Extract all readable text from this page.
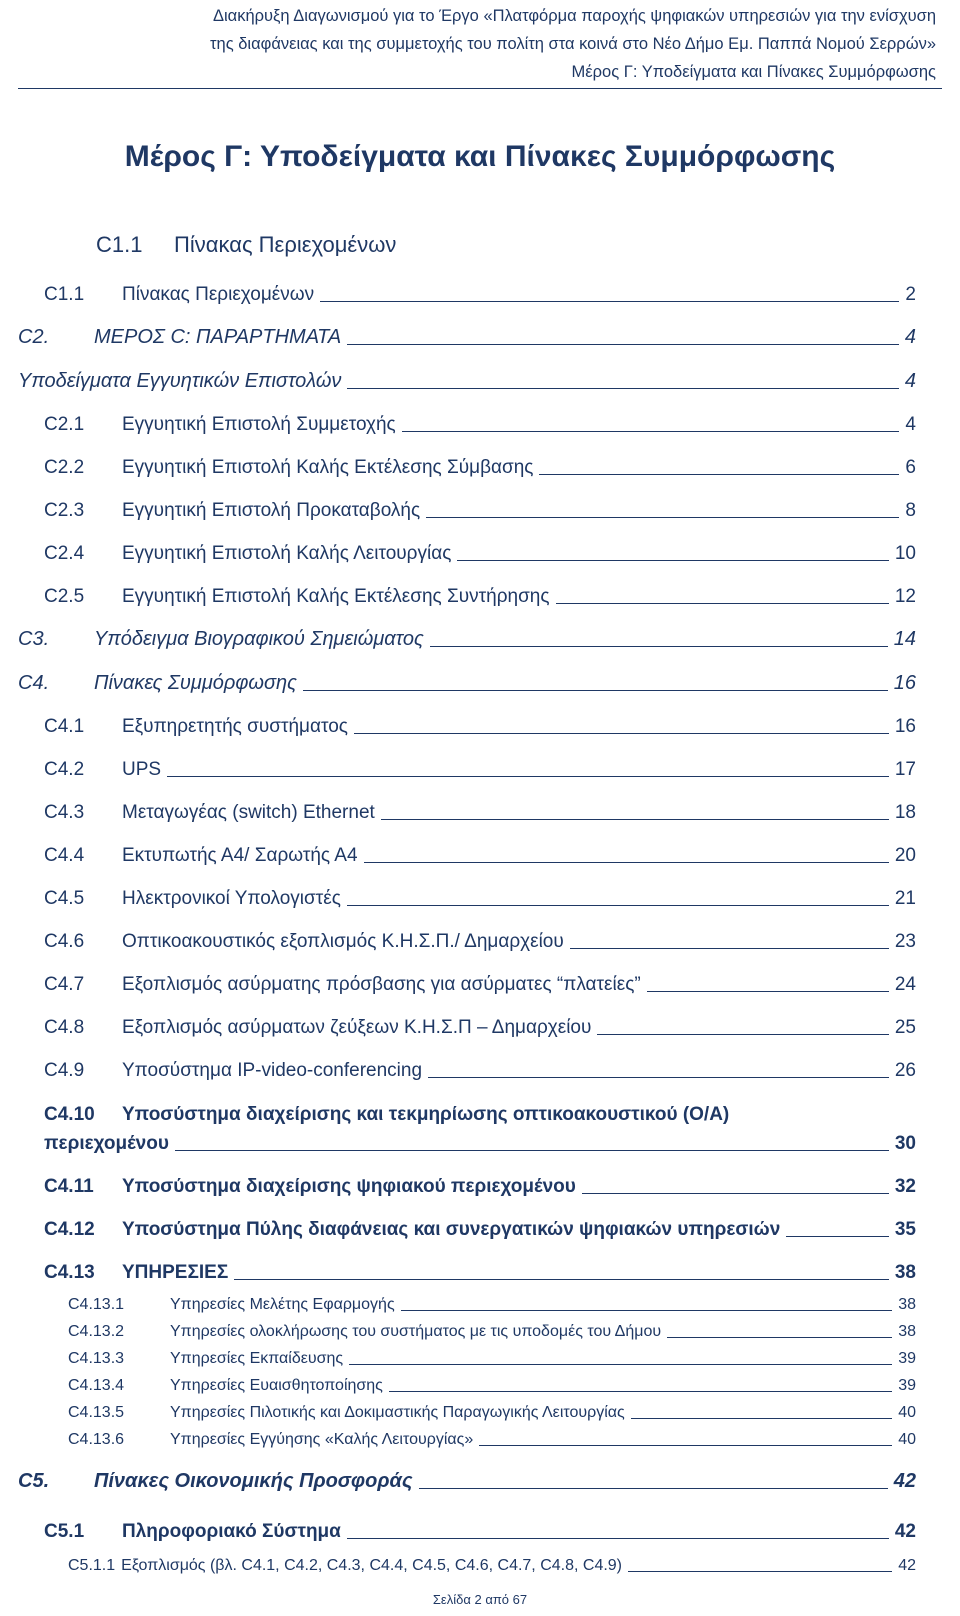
Διακήρυξη Διαγωνισμού για το Έργο «Πλατφόρμα παροχής ψηφιακών υπηρεσιών για την ενίσχυση
της διαφάνειας και της συμμετοχής του πολίτη στα κοινά στο Νέο Δήμο Εμ. Παππά Νομού Σερρών»
Μέρος Γ: Υποδείγματα και Πίνακες Συμμόρφωσης
Μέρος Γ: Υποδείγματα και Πίνακες Συμμόρφωσης
C1.1 Πίνακας Περιεχομένων
C1.1	Πίνακας Περιεχομένων	2
C2.	ΜΕΡΟΣ C: ΠΑΡΑΡΤΗΜΑΤΑ	4
Υποδείγματα Εγγυητικών Επιστολών	4
C2.1	Εγγυητική Επιστολή Συμμετοχής	4
C2.2	Εγγυητική Επιστολή Καλής Εκτέλεσης Σύμβασης	6
C2.3	Εγγυητική Επιστολή Προκαταβολής	8
C2.4	Εγγυητική Επιστολή Καλής Λειτουργίας	10
C2.5	Εγγυητική Επιστολή Καλής Εκτέλεσης Συντήρησης	12
C3.	Υπόδειγμα Βιογραφικού Σημειώματος	14
C4.	Πίνακες Συμμόρφωσης	16
C4.1	Εξυπηρετητής συστήματος	16
C4.2	UPS	17
C4.3	Μεταγωγέας (switch) Ethernet	18
C4.4	Εκτυπωτής Α4/ Σαρωτής Α4	20
C4.5	Ηλεκτρονικοί Υπολογιστές	21
C4.6	Οπτικοακουστικός εξοπλισμός Κ.Η.Σ.Π./ Δημαρχείου	23
C4.7	Εξοπλισμός ασύρματης πρόσβασης για ασύρματες “πλατείες”	24
C4.8	Εξοπλισμός ασύρματων ζεύξεων Κ.Η.Σ.Π – Δημαρχείου	25
C4.9	Υποσύστημα IP-video-conferencing	26
C4.10 Υποσύστημα διαχείρισης και τεκμηρίωσης οπτικοακουστικού (Ο/Α)
περιεχομένου	30
C4.11	Υποσύστημα διαχείρισης ψηφιακού περιεχομένου	32
C4.12	Υποσύστημα Πύλης διαφάνειας και συνεργατικών ψηφιακών υπηρεσιών	35
C4.13	ΥΠΗΡΕΣΙΕΣ	38
C4.13.1	Υπηρεσίες Μελέτης Εφαρμογής	38
C4.13.2	Υπηρεσίες ολοκλήρωσης του συστήματος με τις υποδομές του Δήμου	38
C4.13.3	Υπηρεσίες Εκπαίδευσης	39
C4.13.4	Υπηρεσίες Ευαισθητοποίησης	39
C4.13.5	Υπηρεσίες Πιλοτικής και Δοκιμαστικής Παραγωγικής Λειτουργίας	40
C4.13.6	Υπηρεσίες Εγγύησης «Καλής Λειτουργίας»	40
C5.	Πίνακες Οικονομικής Προσφοράς	42
C5.1	Πληροφοριακό Σύστημα	42
C5.1.1 Εξοπλισμός (βλ. C4.1, C4.2, C4.3, C4.4, C4.5, C4.6, C4.7, C4.8, C4.9)	42
Σελίδα 2 από 67
